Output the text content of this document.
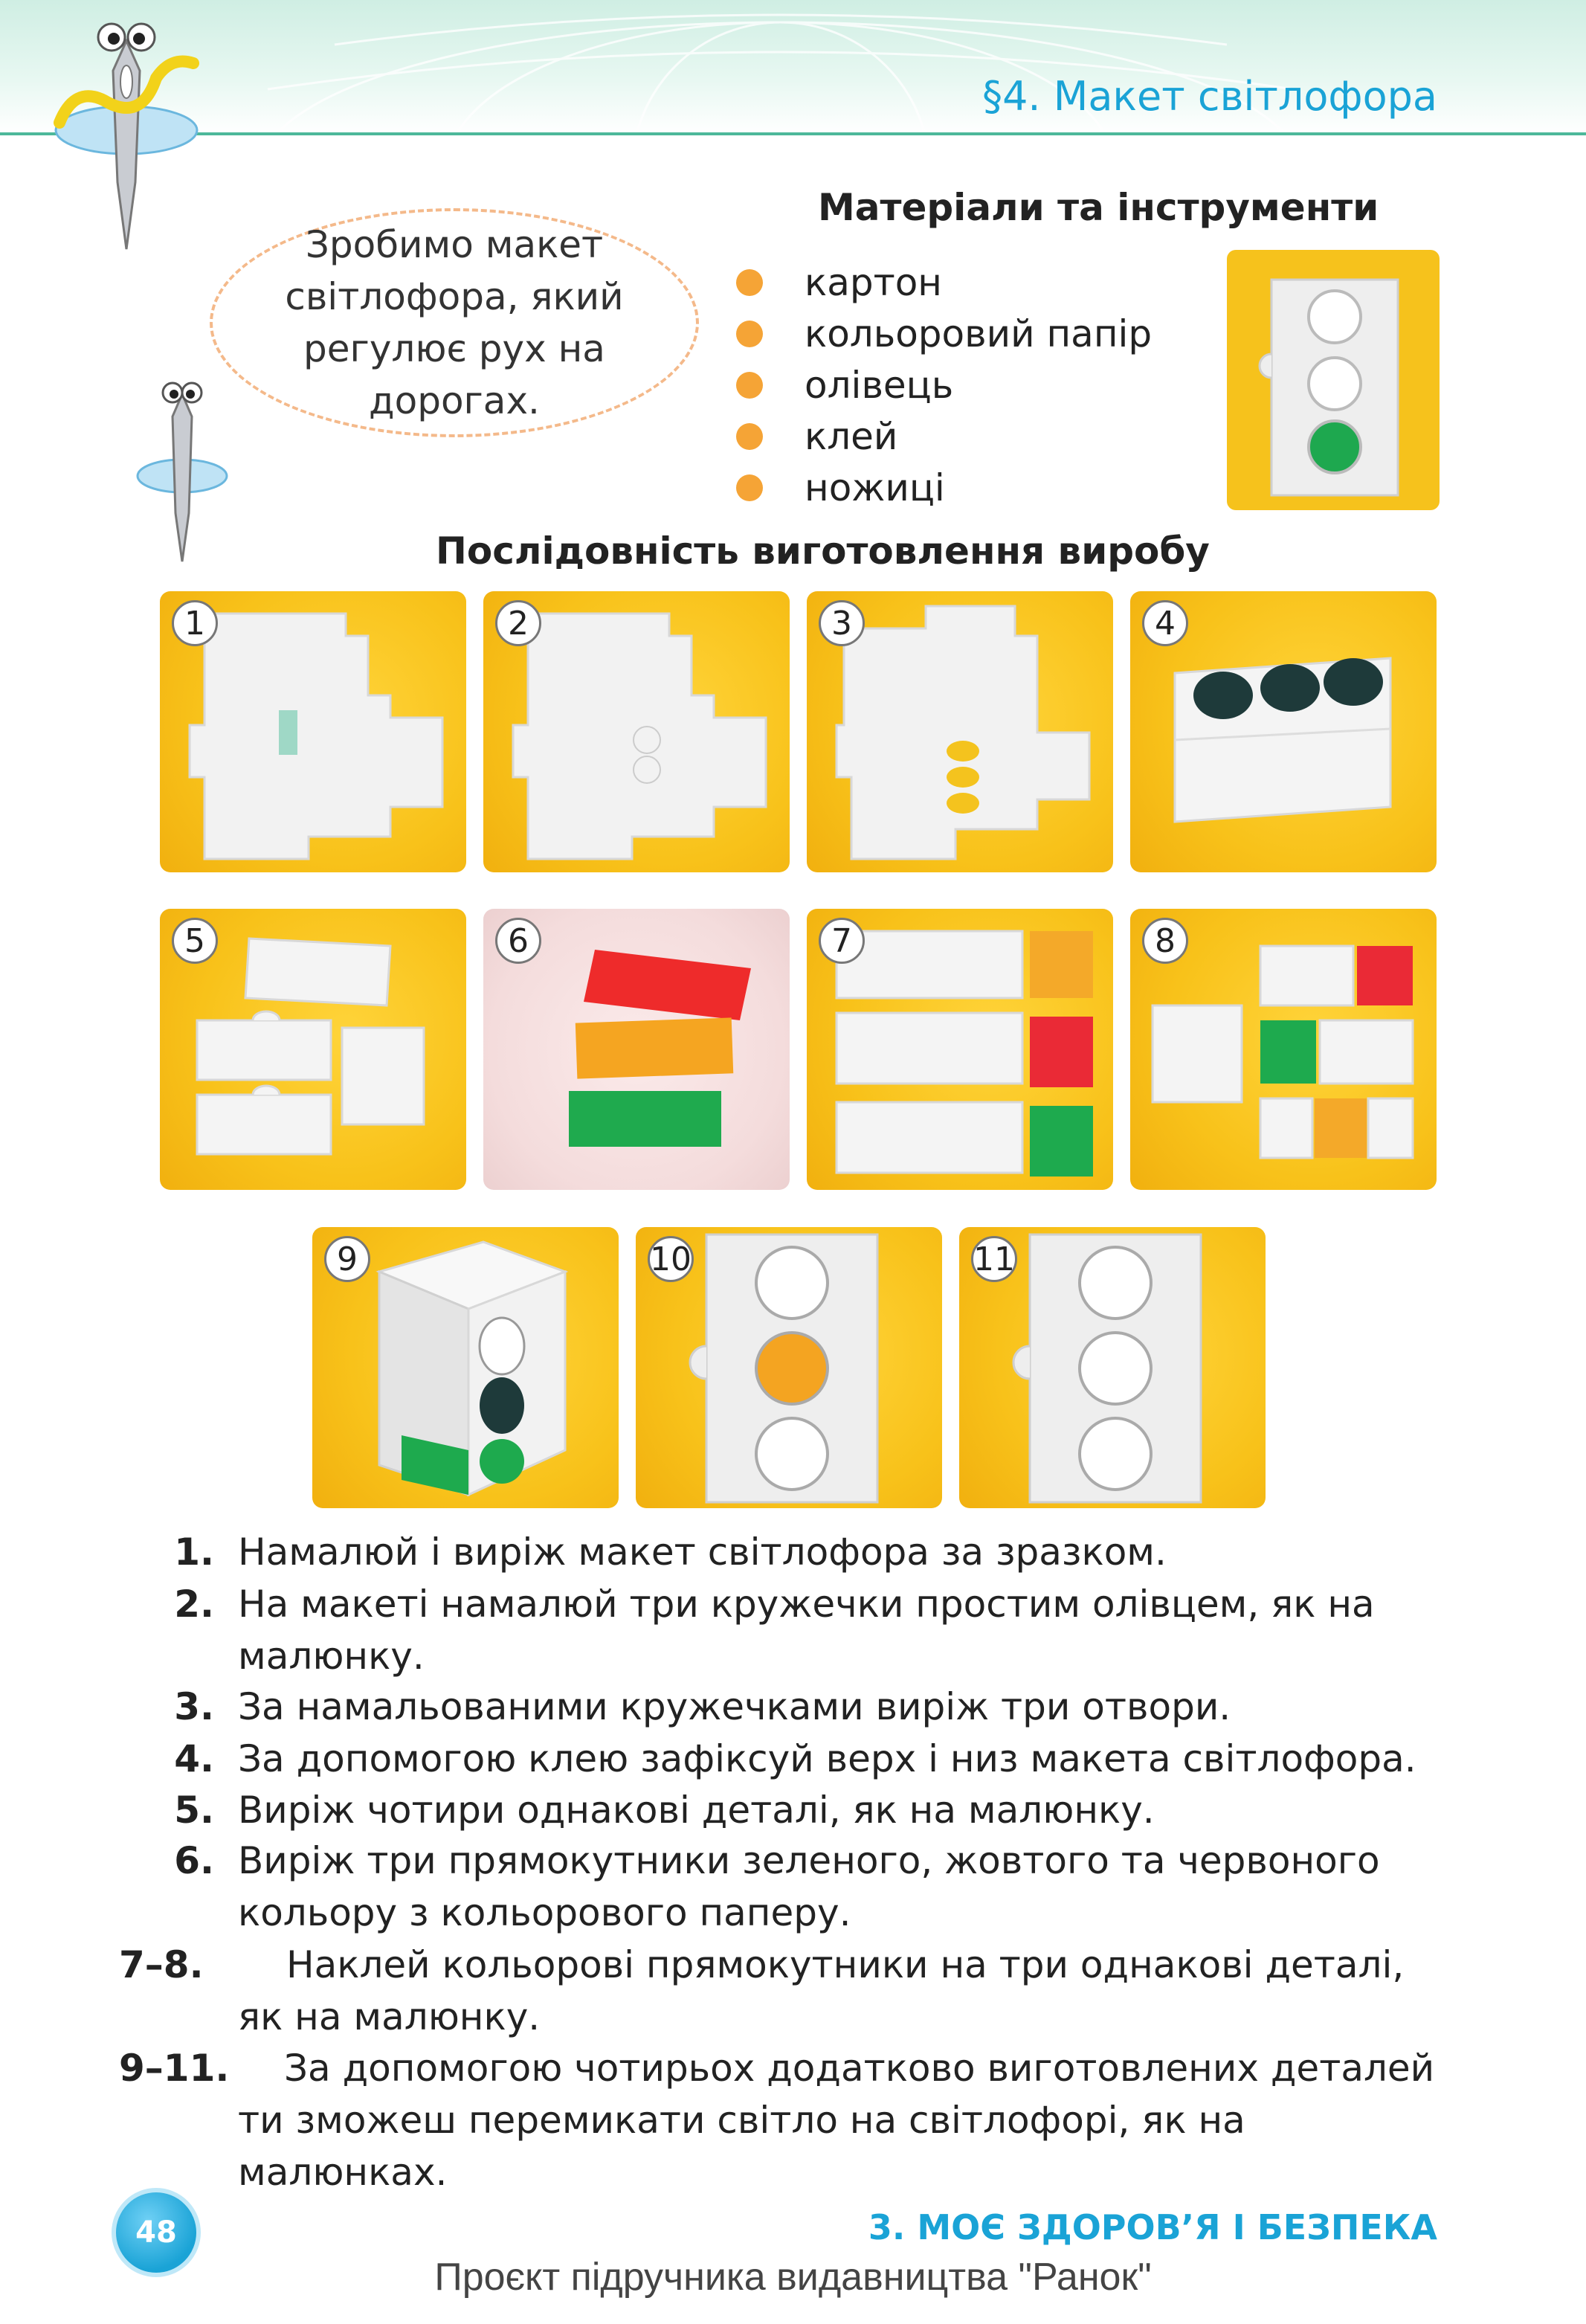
§4. Макет світлофора
Зробимо макет
світлофора, який
регулює рух на
дорогах.
Матеріали та інструменти
картон
кольоровий папір
олівець
клей
ножиці
Послідовність виготовлення виробу
1	2	3	4
5	6	7	8
9	10	11
1. Намалюй і виріж макет світлофора за зразком.
2. На макеті намалюй три кружечки простим олівцем, як на
малюнку.
3. За намальованими кружечками виріж три отвори.
4. За допомогою клею зафіксуй верх і низ макета світлофора.
5. Виріж чотири однакові деталі, як на малюнку.
6. Виріж три прямокутники зеленого, жовтого та червоного
кольору з кольорового паперу.
7–8.	Наклей кольорові прямокутники на три однакові деталі,
як на малюнку.
9–11.	За допомогою чотирьох додатково виготовлених деталей
ти зможеш перемикати світло на світлофорі, як на малюнках.
48	3. МОЄ ЗДОРОВ’Я І БЕЗПЕКА
Проєкт підручника видавництва "Ранок"
